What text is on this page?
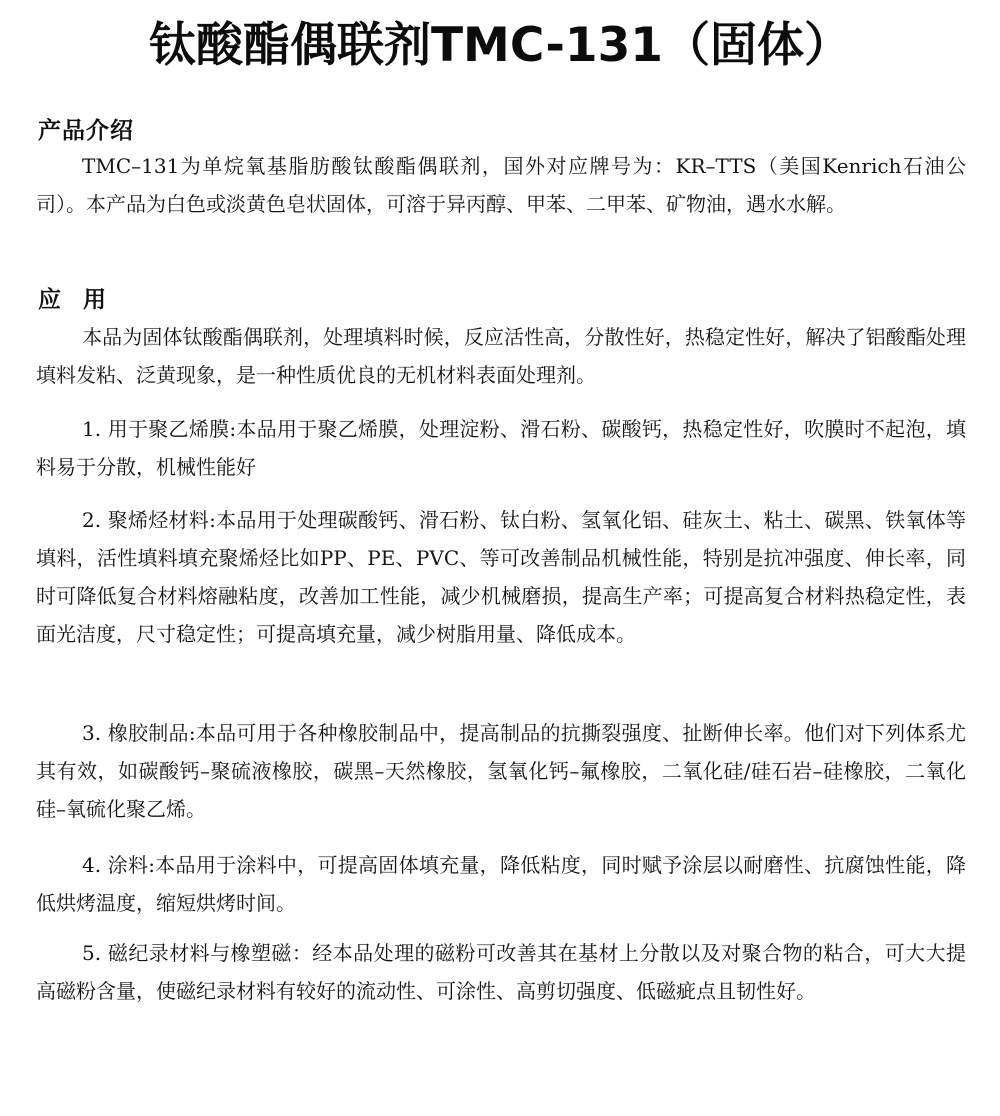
钛酸酯偶联剂TMC-131（固体）
产品介绍

TMC–131为单烷氧基脂肪酸钛酸酯偶联剂，国外对应牌号为：KR–TTS（美国Kenrich石油公司）。本产品为白色或淡黄色皂状固体，可溶于异丙醇、甲苯、二甲苯、矿物油，遇水水解。

应用

本品为固体钛酸酯偶联剂，处理填料时候，反应活性高，分散性好，热稳定性好，解决了铝酸酯处理填料发粘、泛黄现象，是一种性质优良的无机材料表面处理剂。

1. 用于聚乙烯膜:本品用于聚乙烯膜，处理淀粉、滑石粉、碳酸钙，热稳定性好，吹膜时不起泡，填料易于分散，机械性能好

2. 聚烯烃材料:本品用于处理碳酸钙、滑石粉、钛白粉、氢氧化铝、硅灰土、粘土、碳黑、铁氧体等填料，活性填料填充聚烯烃比如PP、PE、PVC、等可改善制品机械性能，特别是抗冲强度、伸长率，同时可降低复合材料熔融粘度，改善加工性能，减少机械磨损，提高生产率；可提高复合材料热稳定性，表面光洁度，尺寸稳定性；可提高填充量，减少树脂用量、降低成本。

3. 橡胶制品:本品可用于各种橡胶制品中，提高制品的抗撕裂强度、扯断伸长率。他们对下列体系尤其有效，如碳酸钙–聚硫液橡胶，碳黑–天然橡胶，氢氧化钙–氟橡胶，二氧化硅/硅石岩–硅橡胶，二氧化硅–氧硫化聚乙烯。

4. 涂料:本品用于涂料中，可提高固体填充量，降低粘度，同时赋予涂层以耐磨性、抗腐蚀性能，降低烘烤温度，缩短烘烤时间。

5. 磁纪录材料与橡塑磁：经本品处理的磁粉可改善其在基材上分散以及对聚合物的粘合，可大大提高磁粉含量，使磁纪录材料有较好的流动性、可涂性、高剪切强度、低磁疵点且韧性好。
